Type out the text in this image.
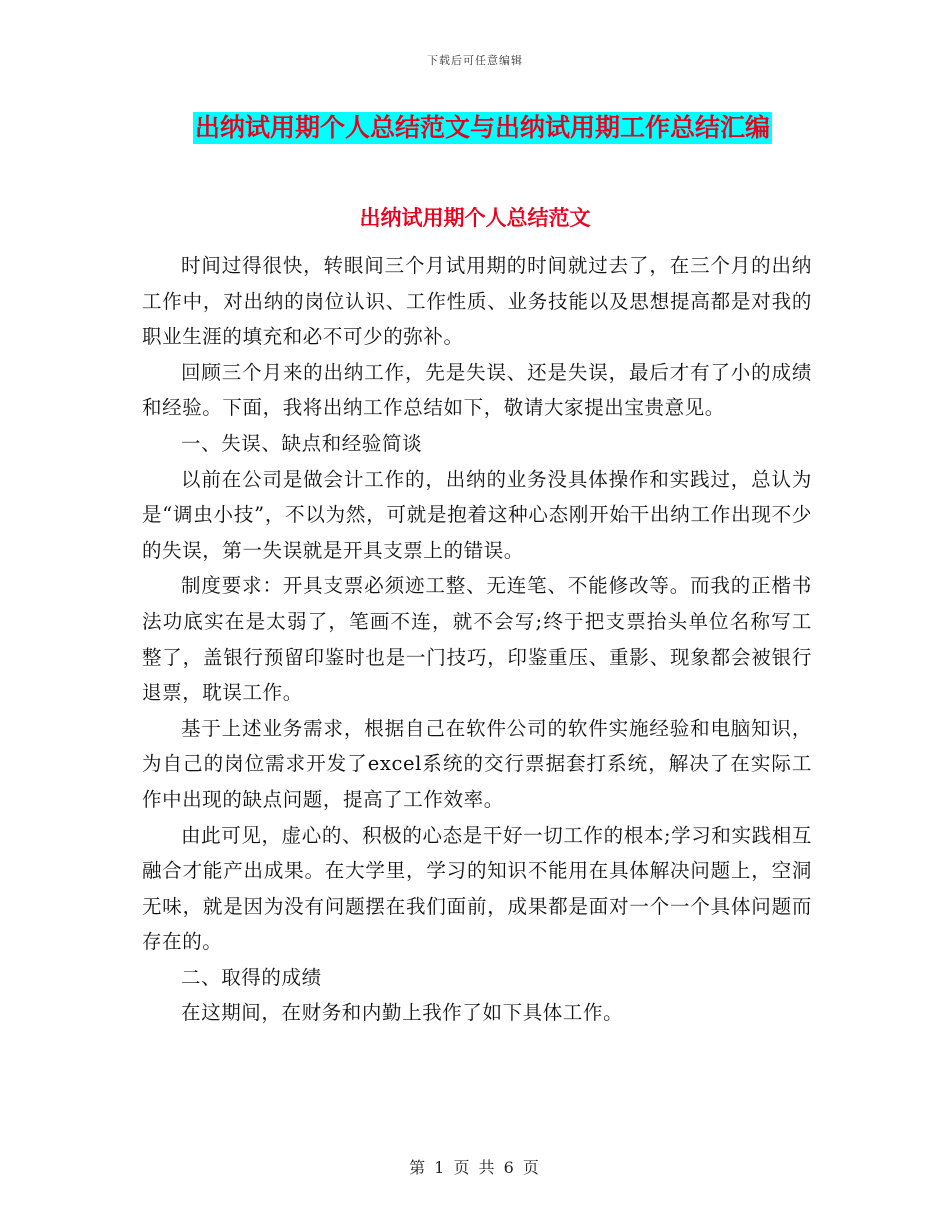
下载后可任意编辑
出纳试用期个人总结范文与出纳试用期工作总结汇编
出纳试用期个人总结范文

时间过得很快，转眼间三个月试用期的时间就过去了，在三个月的出纳工作中，对出纳的岗位认识、工作性质、业务技能以及思想提高都是对我的职业生涯的填充和必不可少的弥补。

回顾三个月来的出纳工作，先是失误、还是失误，最后才有了小的成绩和经验。下面，我将出纳工作总结如下，敬请大家提出宝贵意见。

一、失误、缺点和经验简谈

以前在公司是做会计工作的，出纳的业务没具体操作和实践过，总认为是“调虫小技”，不以为然，可就是抱着这种心态刚开始干出纳工作出现不少的失误，第一失误就是开具支票上的错误。

制度要求：开具支票必须迹工整、无连笔、不能修改等。而我的正楷书法功底实在是太弱了，笔画不连，就不会写;终于把支票抬头单位名称写工整了，盖银行预留印鉴时也是一门技巧，印鉴重压、重影、现象都会被银行退票，耽误工作。

基于上述业务需求，根据自己在软件公司的软件实施经验和电脑知识，为自己的岗位需求开发了excel系统的交行票据套打系统，解决了在实际工作中出现的缺点问题，提高了工作效率。

由此可见，虚心的、积极的心态是干好一切工作的根本;学习和实践相互融合才能产出成果。在大学里，学习的知识不能用在具体解决问题上，空洞无味，就是因为没有问题摆在我们面前，成果都是面对一个一个具体问题而存在的。

二、取得的成绩

在这期间，在财务和内勤上我作了如下具体工作。

第 1 页 共 6 页
